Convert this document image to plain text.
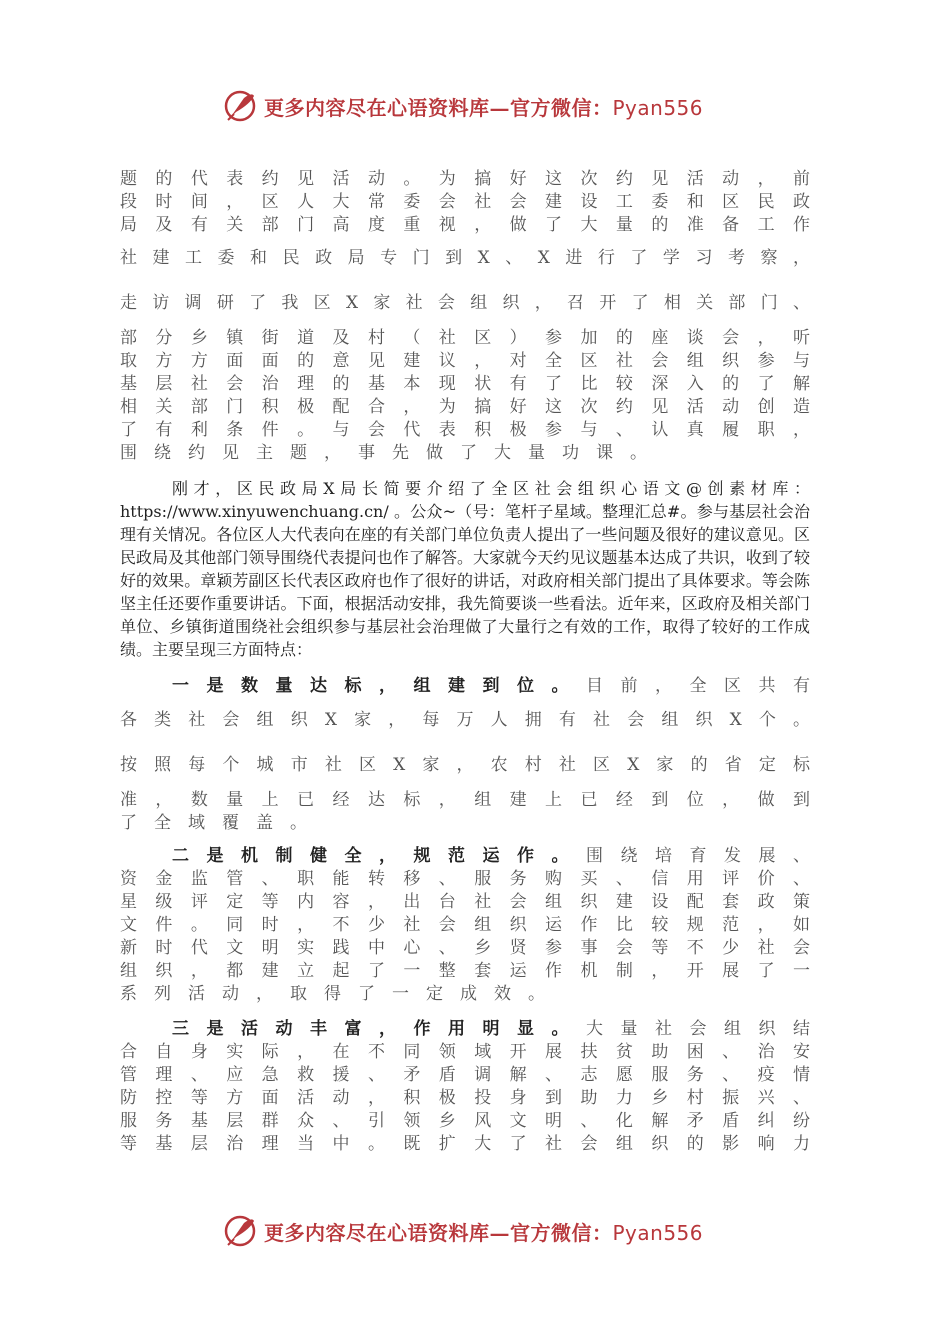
更多内容尽在心语资料库—官方微信：Pyan556
题的代表约见活动。为搞好这次约见活动，前
段时间，区人大常委会社会建设工委和区民政
局及有关部门高度重视，做了大量的准备工作
社建工委和民政局专门到X、X进行了学习考察，
走访调研了我区X家社会组织，召开了相关部门、
部分乡镇街道及村（社区）参加的座谈会，听
取方方面面的意见建议，对全区社会组织参与
基层社会治理的基本现状有了比较深入的了解
相关部门积极配合，为搞好这次约见活动创造
了有利条件。与会代表积极参与、认真履职，
围绕约见主题，事先做了大量功课。

刚才，区民政局X局长简要介绍了全区社会组织心语文@创素材库：https://www.xinyuwenchuang.cn/ 。公众~（号：笔杆子星域。整理汇总#。参与基层社会治理有关情况。各位区人大代表向在座的有关部门单位负责人提出了一些问题及很好的建议意见。区民政局及其他部门领导围绕代表提问也作了解答。大家就今天约见议题基本达成了共识，收到了较好的效果。章颖芳副区长代表区政府也作了很好的讲话，对政府相关部门提出了具体要求。等会陈坚主任还要作重要讲话。下面，根据活动安排，我先简要谈一些看法。近年来，区政府及相关部门单位、乡镇街道围绕社会组织参与基层社会治理做了大量行之有效的工作，取得了较好的工作成绩。主要呈现三方面特点：

一是数量达标，组建到位。目前，全区共有
各类社会组织X家，每万人拥有社会组织X个。
按照每个城市社区X家，农村社区X家的省定标
准，数量上已经达标，组建上已经到位，做到
了全域覆盖。
二是机制健全，规范运作。围绕培育发展、
资金监管、职能转移、服务购买、信用评价、
星级评定等内容，出台社会组织建设配套政策
文件。同时，不少社会组织运作比较规范，如
新时代文明实践中心、乡贤参事会等不少社会
组织，都建立起了一整套运作机制，开展了一
系列活动，取得了一定成效。
三是活动丰富，作用明显。大量社会组织结
合自身实际，在不同领域开展扶贫助困、治安
管理、应急救援、矛盾调解、志愿服务、疫情
防控等方面活动，积极投身到助力乡村振兴、
服务基层群众、引领乡风文明、化解矛盾纠纷
等基层治理当中。既扩大了社会组织的影响力
更多内容尽在心语资料库—官方微信：Pyan556
